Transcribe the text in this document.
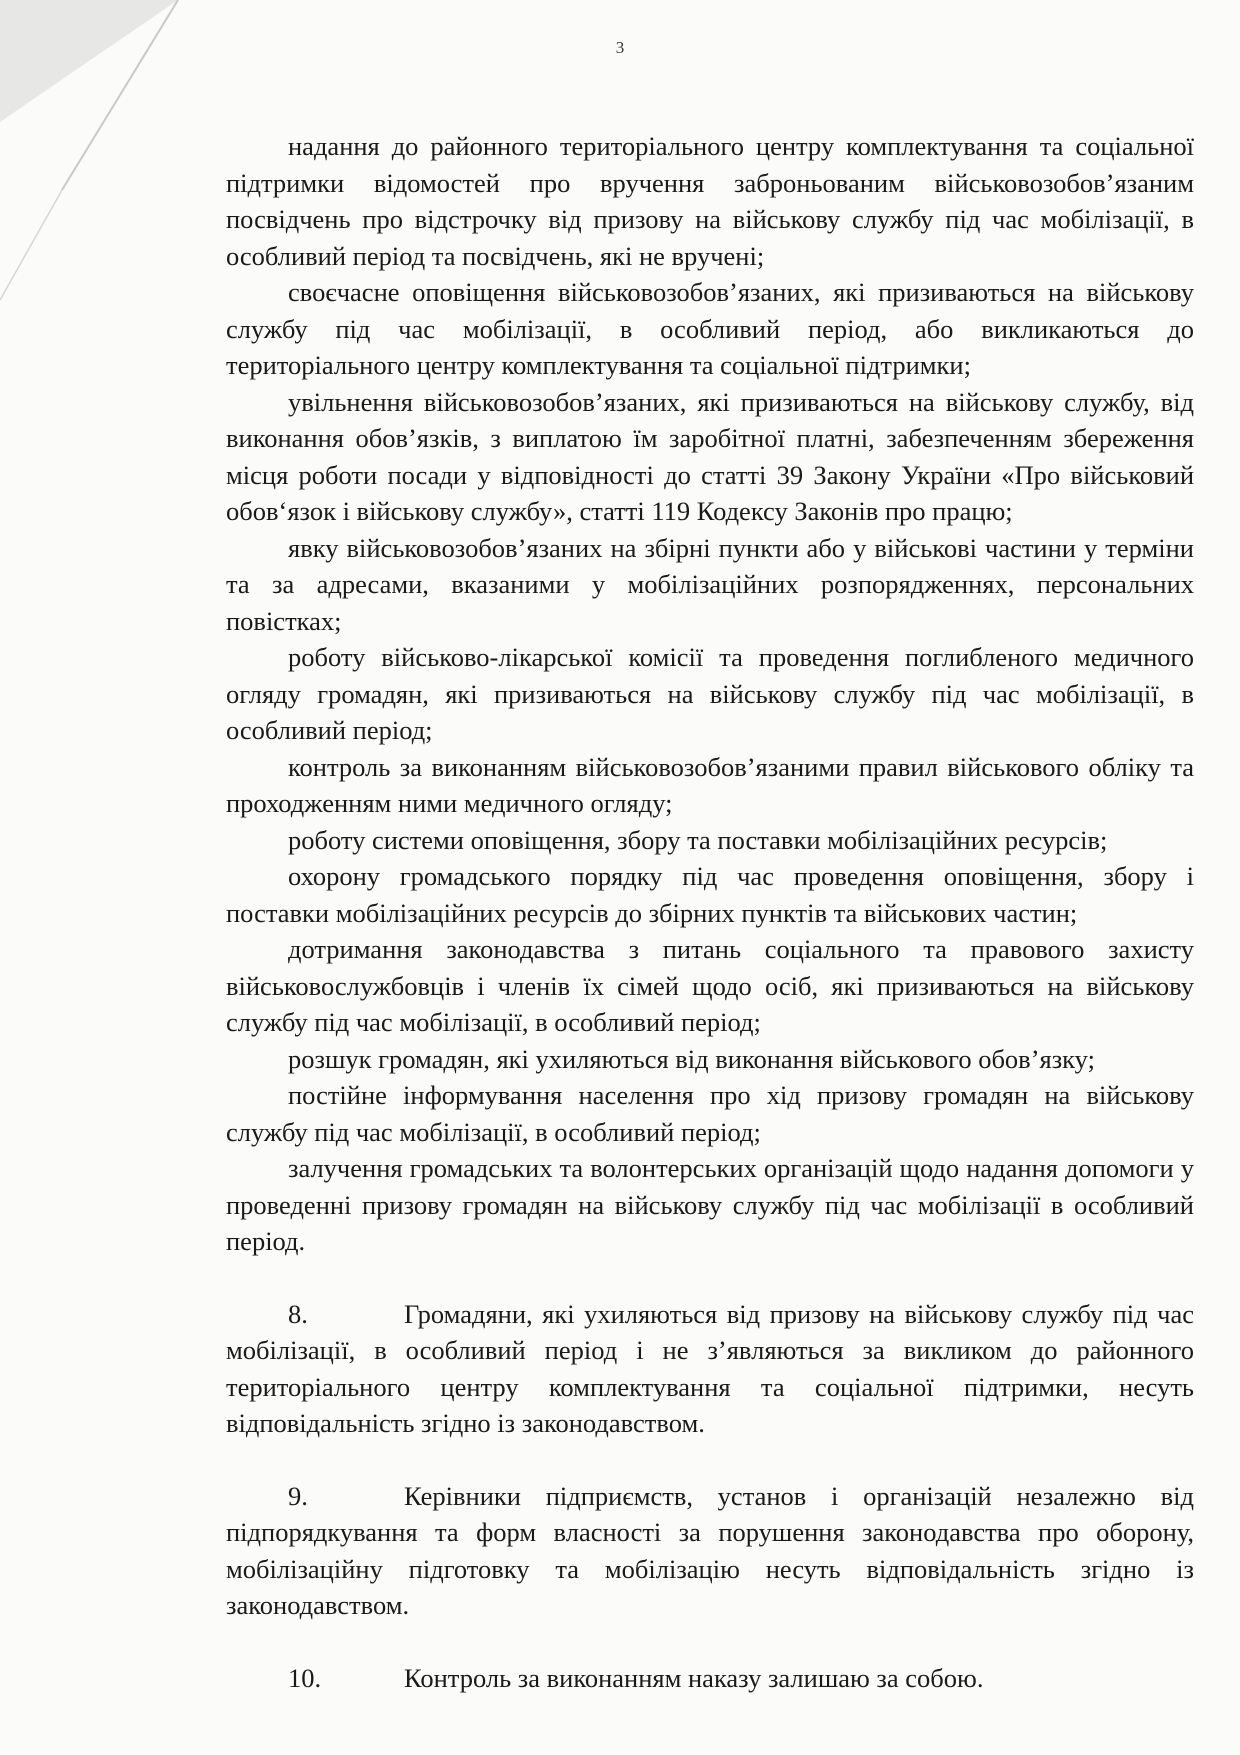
3

надання до районного територіального центру комплектування та соціальної підтримки відомостей про вручення заброньованим військовозобов’язаним посвідчень про відстрочку від призову на військову службу під час мобілізації, в особливий період та посвідчень, які не вручені;

своєчасне оповіщення військовозобов’язаних, які призиваються на військову службу під час мобілізації, в особливий період, або викликаються до територіального центру комплектування та соціальної підтримки;

увільнення військовозобов’язаних, які призиваються на військову службу, від виконання обов’язків, з виплатою їм заробітної платні, забезпеченням збереження місця роботи посади у відповідності до статті 39 Закону України «Про військовий обов‘язок і військову службу», статті 119 Кодексу Законів про працю;

явку військовозобов’язаних на збірні пункти або у військові частини у терміни та за адресами, вказаними у мобілізаційних розпорядженнях, персональних повістках;

роботу військово-лікарської комісії та проведення поглибленого медичного огляду громадян, які призиваються на військову службу під час мобілізації, в особливий період;

контроль за виконанням військовозобов’язаними правил військового обліку та проходженням ними медичного огляду;

роботу системи оповіщення, збору та поставки мобілізаційних ресурсів;

охорону громадського порядку під час проведення оповіщення, збору і поставки мобілізаційних ресурсів до збірних пунктів та військових частин;

дотримання законодавства з питань соціального та правового захисту військовослужбовців і членів їх сімей щодо осіб, які призиваються на військову службу під час мобілізації, в особливий період;

розшук громадян, які ухиляються від виконання військового обов’язку;

постійне інформування населення про хід призову громадян на військову службу під час мобілізації, в особливий період;

залучення громадських та волонтерських організацій щодо надання допомоги у проведенні призову громадян на військову службу під час мобілізації в особливий період.

8.	Громадяни, які ухиляються від призову на військову службу під час мобілізації, в особливий період і не з’являються за викликом до районного територіального центру комплектування та соціальної підтримки, несуть відповідальність згідно із законодавством.

9.	Керівники підприємств, установ і організацій незалежно від підпорядкування та форм власності за порушення законодавства про оборону, мобілізаційну підготовку та мобілізацію несуть відповідальність згідно із законодавством.

10.	Контроль за виконанням наказу залишаю за собою.
